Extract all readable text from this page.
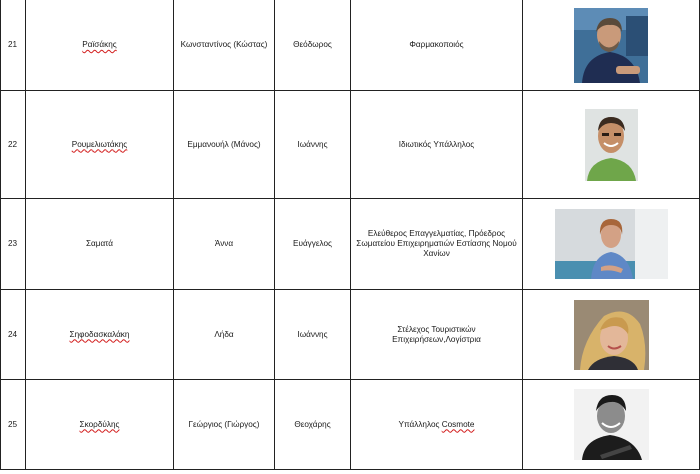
21	Ραϊσάκης	Κωνσταντίνος (Κώστας)	Θεόδωρος	Φαρμακοποιός	

22	Ρουμελιωτάκης	Εμμανουήλ (Μάνος)	Ιωάννης	Ιδιωτικός Υπάλληλος	

23	Σαματά	Άννα	Ευάγγελος	Ελεύθερος Επαγγελματίας, Πρόεδρος Σωματείου Επιχειρηματιών Εστίασης Νομού Χανίων	

24	Σηφοδασκαλάκη	Λήδα	Ιωάννης	Στέλεχος Τουριστικών Επιχειρήσεων,Λογίστρια	

25	Σκορδύλης	Γεώργιος (Γιώργος)	Θεοχάρης	Υπάλληλος Cosmote	
